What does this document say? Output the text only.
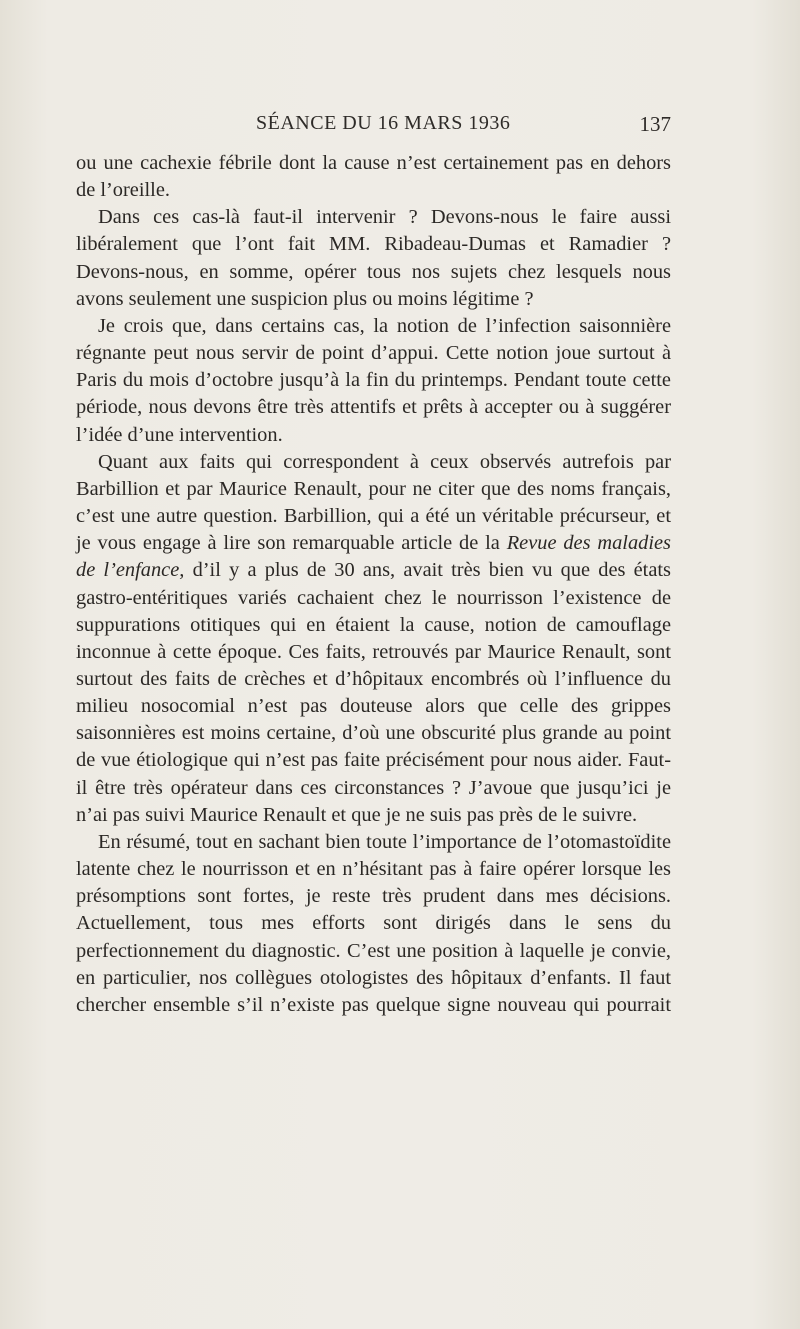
SÉANCE DU 16 MARS 1936	137

ou une cachexie fébrile dont la cause n’est certainement pas en dehors de l’oreille.

Dans ces cas-là faut-il intervenir ? Devons-nous le faire aussi libéralement que l’ont fait MM. Ribadeau-Dumas et Ramadier ? Devons-nous, en somme, opérer tous nos sujets chez lesquels nous avons seulement une suspicion plus ou moins légitime ?

Je crois que, dans certains cas, la notion de l’infection saisonnière régnante peut nous servir de point d’appui. Cette notion joue surtout à Paris du mois d’octobre jusqu’à la fin du printemps. Pendant toute cette période, nous devons être très attentifs et prêts à accepter ou à suggérer l’idée d’une intervention.

Quant aux faits qui correspondent à ceux observés autrefois par Barbillion et par Maurice Renault, pour ne citer que des noms français, c’est une autre question. Barbillion, qui a été un véritable précurseur, et je vous engage à lire son remarquable article de la Revue des maladies de l’enfance, d’il y a plus de 30 ans, avait très bien vu que des états gastro-entéritiques variés cachaient chez le nourrisson l’existence de suppurations otitiques qui en étaient la cause, notion de camouflage inconnue à cette époque. Ces faits, retrouvés par Maurice Renault, sont surtout des faits de crèches et d’hôpitaux encombrés où l’influence du milieu nosocomial n’est pas douteuse alors que celle des grippes saisonnières est moins certaine, d’où une obscurité plus grande au point de vue étiologique qui n’est pas faite précisément pour nous aider. Faut-il être très opérateur dans ces circonstances ? J’avoue que jusqu’ici je n’ai pas suivi Maurice Renault et que je ne suis pas près de le suivre.

En résumé, tout en sachant bien toute l’importance de l’otomastoïdite latente chez le nourrisson et en n’hésitant pas à faire opérer lorsque les présomptions sont fortes, je reste très prudent dans mes décisions. Actuellement, tous mes efforts sont dirigés dans le sens du perfectionnement du diagnostic. C’est une position à laquelle je convie, en particulier, nos collègues otologistes des hôpitaux d’enfants. Il faut chercher ensemble s’il n’existe pas quelque signe nouveau qui pourrait
